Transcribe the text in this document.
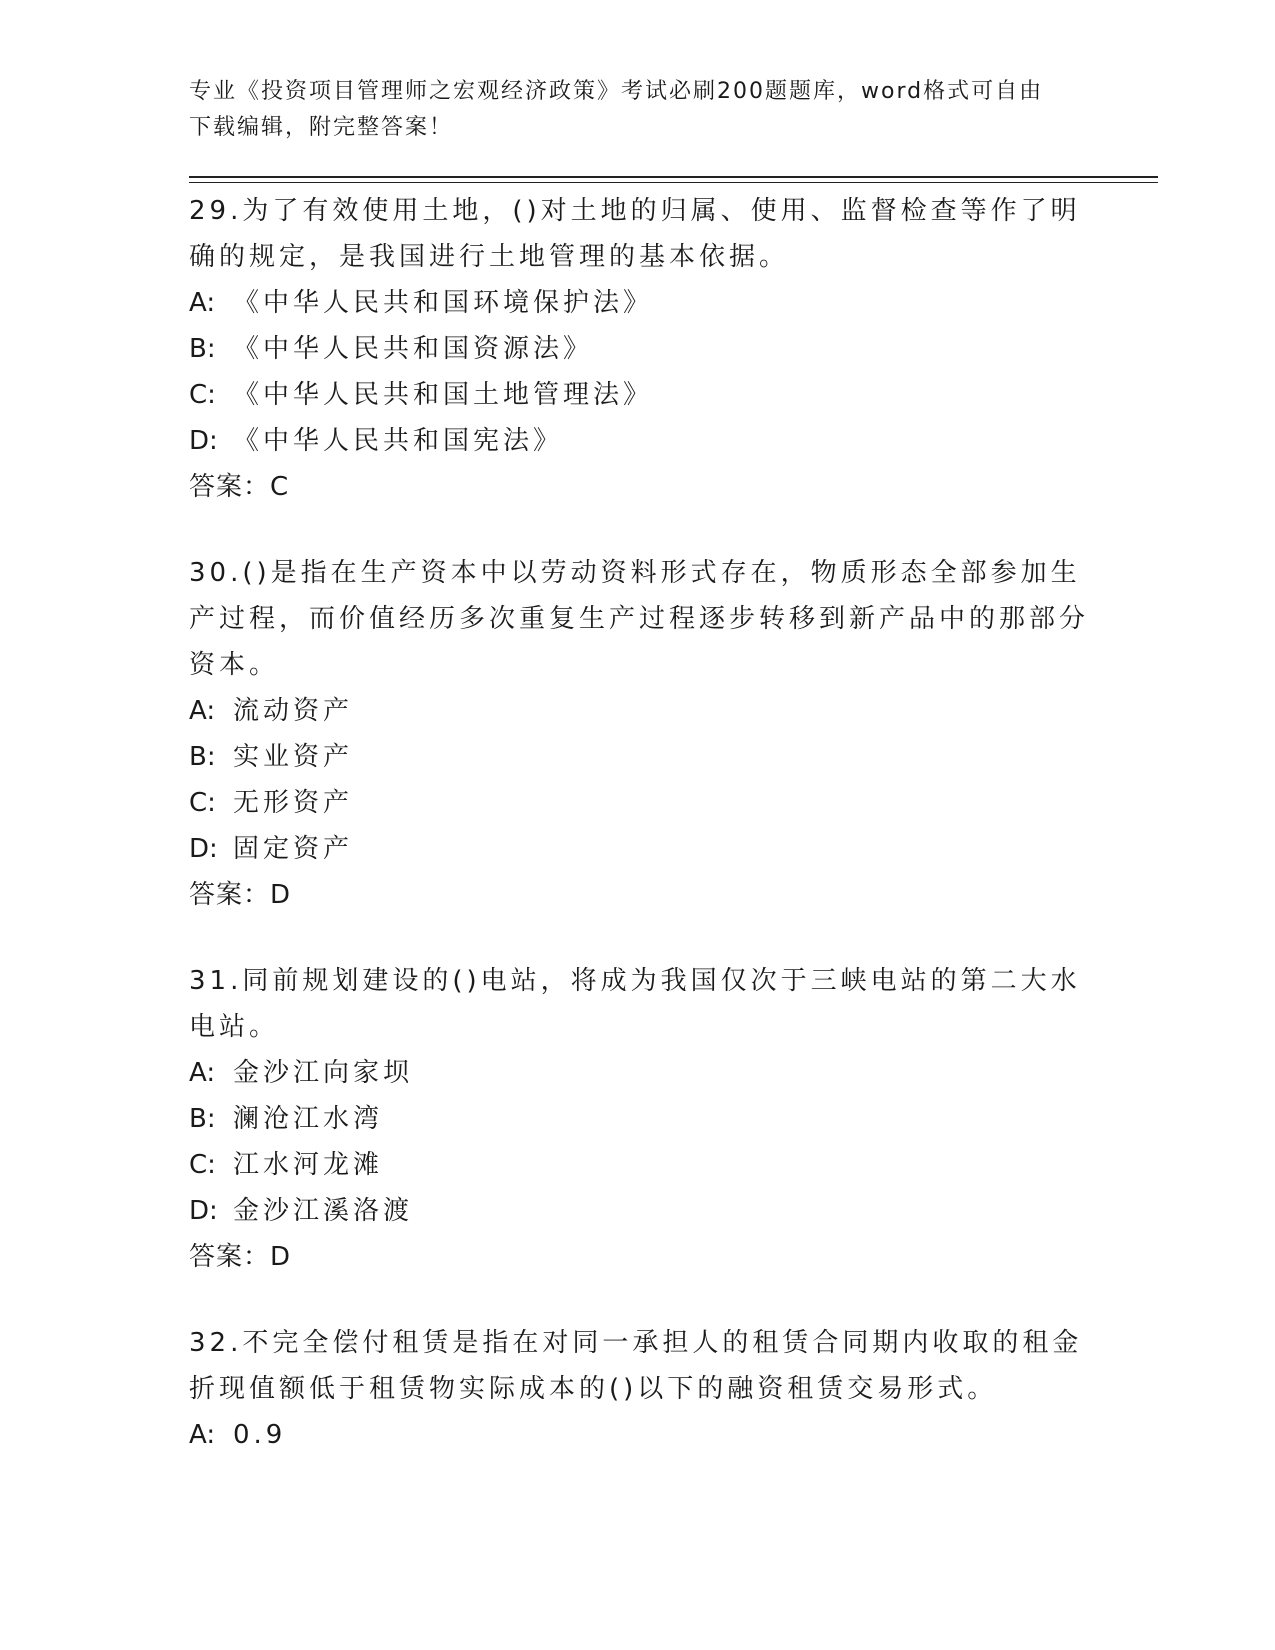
专业《投资项目管理师之宏观经济政策》考试必刷200题题库，word格式可自由
下载编辑，附完整答案！

29.为了有效使用土地，()对土地的归属、使用、监督检查等作了明确的规定，是我国进行土地管理的基本依据。

A: 《中华人民共和国环境保护法》

B: 《中华人民共和国资源法》

C: 《中华人民共和国土地管理法》

D: 《中华人民共和国宪法》

答案：C

30.()是指在生产资本中以劳动资料形式存在，物质形态全部参加生产过程，而价值经历多次重复生产过程逐步转移到新产品中的那部分资本。

A: 流动资产

B: 实业资产

C: 无形资产

D: 固定资产

答案：D

31.同前规划建设的()电站，将成为我国仅次于三峡电站的第二大水电站。

A: 金沙江向家坝

B: 澜沧江水湾

C: 江水河龙滩

D: 金沙江溪洛渡

答案：D

32.不完全偿付租赁是指在对同一承担人的租赁合同期内收取的租金折现值额低于租赁物实际成本的()以下的融资租赁交易形式。

A: 0.9
